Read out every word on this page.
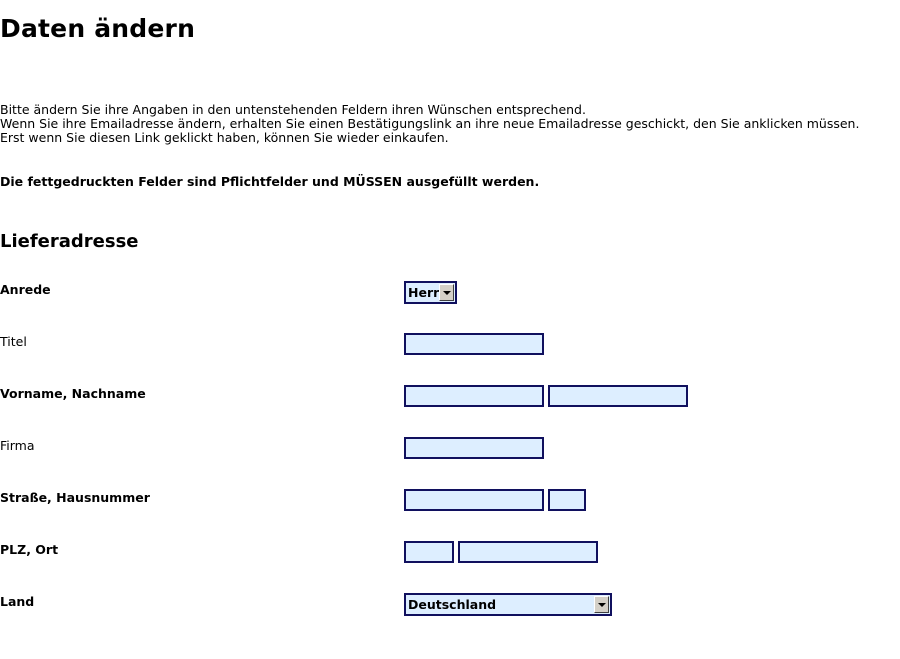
Daten ändern
Bitte ändern Sie ihre Angaben in den untenstehenden Feldern ihren Wünschen entsprechend.
Wenn Sie ihre Emailadresse ändern, erhalten Sie einen Bestätigungslink an ihre neue Emailadresse geschickt, den Sie anklicken müssen.
Erst wenn Sie diesen Link geklickt haben, können Sie wieder einkaufen.
Die fettgedruckten Felder sind Pflichtfelder und MÜSSEN ausgefüllt werden.
Lieferadresse
Anrede	Herr
Titel
Vorname, Nachname
Firma
Straße, Hausnummer
PLZ, Ort
Land	Deutschland
